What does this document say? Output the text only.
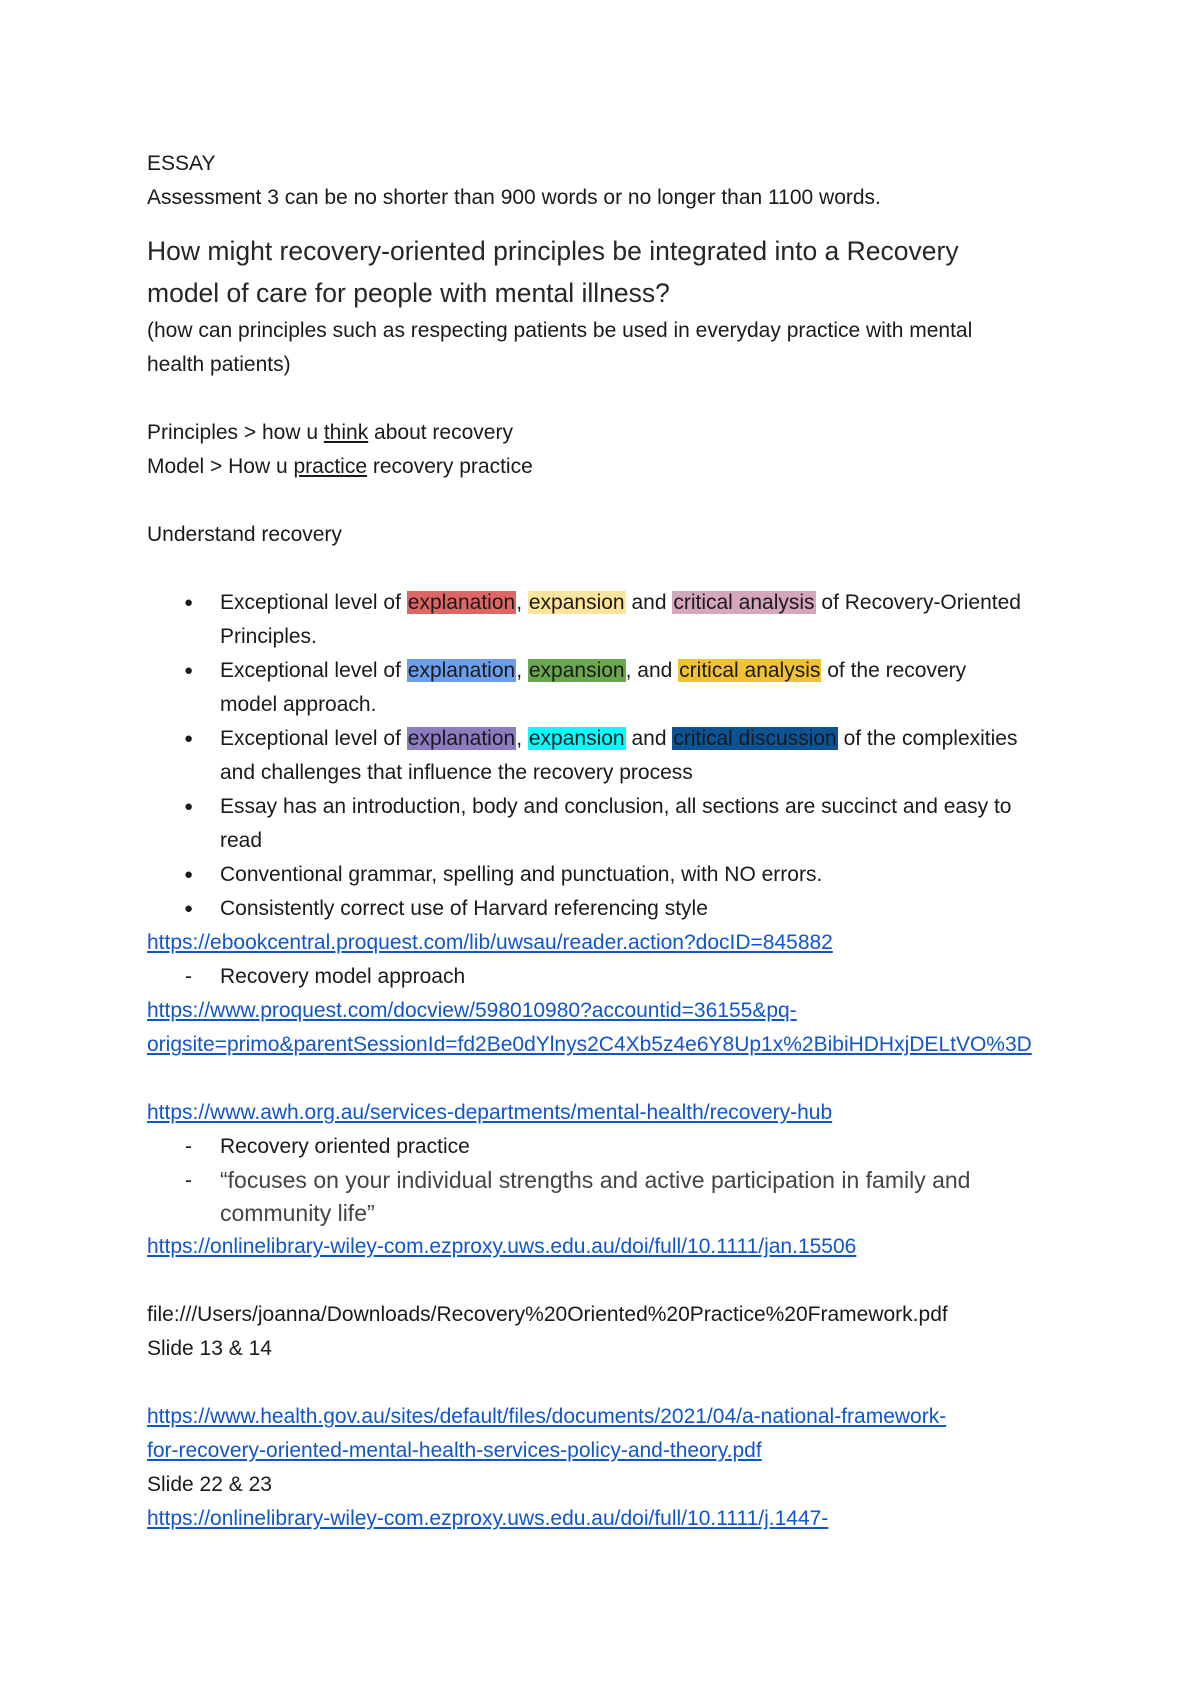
ESSAY
Assessment 3 can be no shorter than 900 words or no longer than 1100 words.
How might recovery-oriented principles be integrated into a Recovery
model of care for people with mental illness?
(how can principles such as respecting patients be used in everyday practice with mental
health patients)
Principles > how u think about recovery
Model > How u practice recovery practice
Understand recovery
● Exceptional level of explanation, expansion and critical analysis of Recovery-Oriented
Principles.
● Exceptional level of explanation, expansion, and critical analysis of the recovery
model approach.
● Exceptional level of explanation, expansion and critical discussion of the complexities
and challenges that influence the recovery process
● Essay has an introduction, body and conclusion, all sections are succinct and easy to
read
● Conventional grammar, spelling and punctuation, with NO errors.
● Consistently correct use of Harvard referencing style
https://ebookcentral.proquest.com/lib/uwsau/reader.action?docID=845882
- Recovery model approach
https://www.proquest.com/docview/598010980?accountid=36155&pq-
origsite=primo&parentSessionId=fd2Be0dYlnys2C4Xb5z4e6Y8Up1x%2BibiHDHxjDELtVO%3D
https://www.awh.org.au/services-departments/mental-health/recovery-hub
- Recovery oriented practice
- “focuses on your individual strengths and active participation in family and
community life”
https://onlinelibrary-wiley-com.ezproxy.uws.edu.au/doi/full/10.1111/jan.15506
file:///Users/joanna/Downloads/Recovery%20Oriented%20Practice%20Framework.pdf
Slide 13 & 14
https://www.health.gov.au/sites/default/files/documents/2021/04/a-national-framework-
for-recovery-oriented-mental-health-services-policy-and-theory.pdf
Slide 22 & 23
https://onlinelibrary-wiley-com.ezproxy.uws.edu.au/doi/full/10.1111/j.1447-
